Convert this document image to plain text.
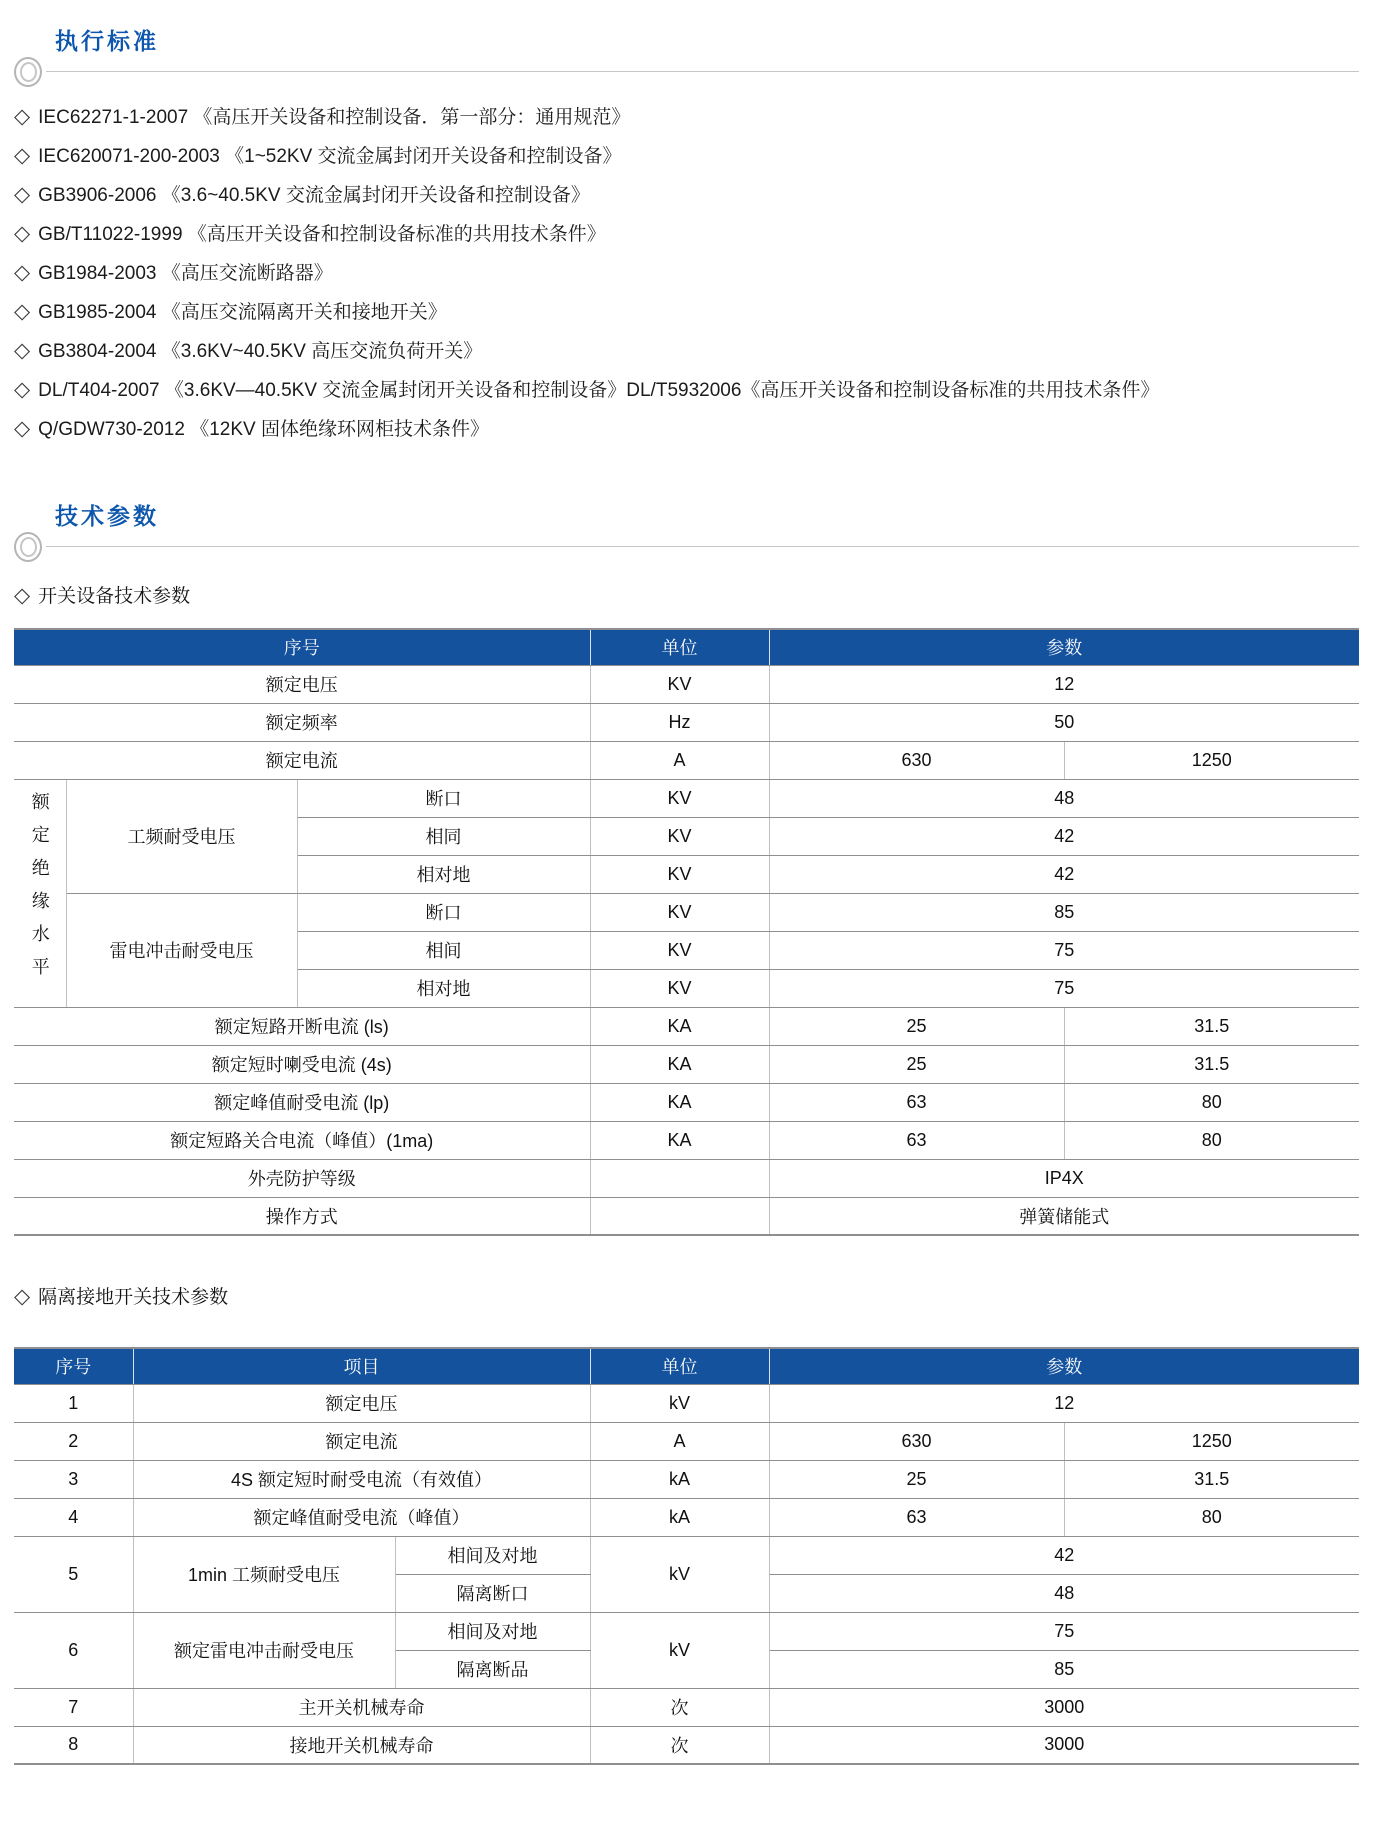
执行标准
◇ IEC62271-1-2007 《高压开关设备和控制设备．第一部分：通用规范》
◇ IEC620071-200-2003 《1~52KV 交流金属封闭开关设备和控制设备》
◇ GB3906-2006 《3.6~40.5KV 交流金属封闭开关设备和控制设备》
◇ GB/T11022-1999 《高压开关设备和控制设备标准的共用技术条件》
◇ GB1984-2003 《高压交流断路器》
◇ GB1985-2004 《高压交流隔离开关和接地开关》
◇ GB3804-2004 《3.6KV~40.5KV 高压交流负荷开关》
◇ DL/T404-2007 《3.6KV—40.5KV 交流金属封闭开关设备和控制设备》DL/T5932006《高压开关设备和控制设备标准的共用技术条件》
◇ Q/GDW730-2012 《12KV 固体绝缘环网柜技术条件》
技术参数
◇ 开关设备技术参数
序号			单位	参数	
额定电压			KV	12	
额定频率			Hz	50	
额定电流			A	630	1250
额定绝缘水平	工频耐受电压	断口	KV	48	
		相同	KV	42	
		相对地	KV	42	
	雷电冲击耐受电压	断口	KV	85	
		相间	KV	75	
		相对地	KV	75	
额定短路开断电流 (ls)			KA	25	31.5
额定短时喇受电流 (4s)			KA	25	31.5
额定峰值耐受电流 (lp)			KA	63	80
额定短路关合电流（峰值）(1ma)			KA	63	80
外壳防护等级				IP4X	
操作方式				弹簧储能式	
◇ 隔离接地开关技术参数
序号	项目		单位	参数	
1	额定电压		kV	12	
2	额定电流		A	630	1250
3	4S 额定短时耐受电流（有效值）		kA	25	31.5
4	额定峰值耐受电流（峰值）		kA	63	80
5	1min 工频耐受电压	相间及对地	kV	42	
		隔离断口		48	
6	额定雷电冲击耐受电压	相间及对地	kV	75	
		隔离断品		85	
7	主开关机械寿命		次	3000	
8	接地开关机械寿命		次	3000	
